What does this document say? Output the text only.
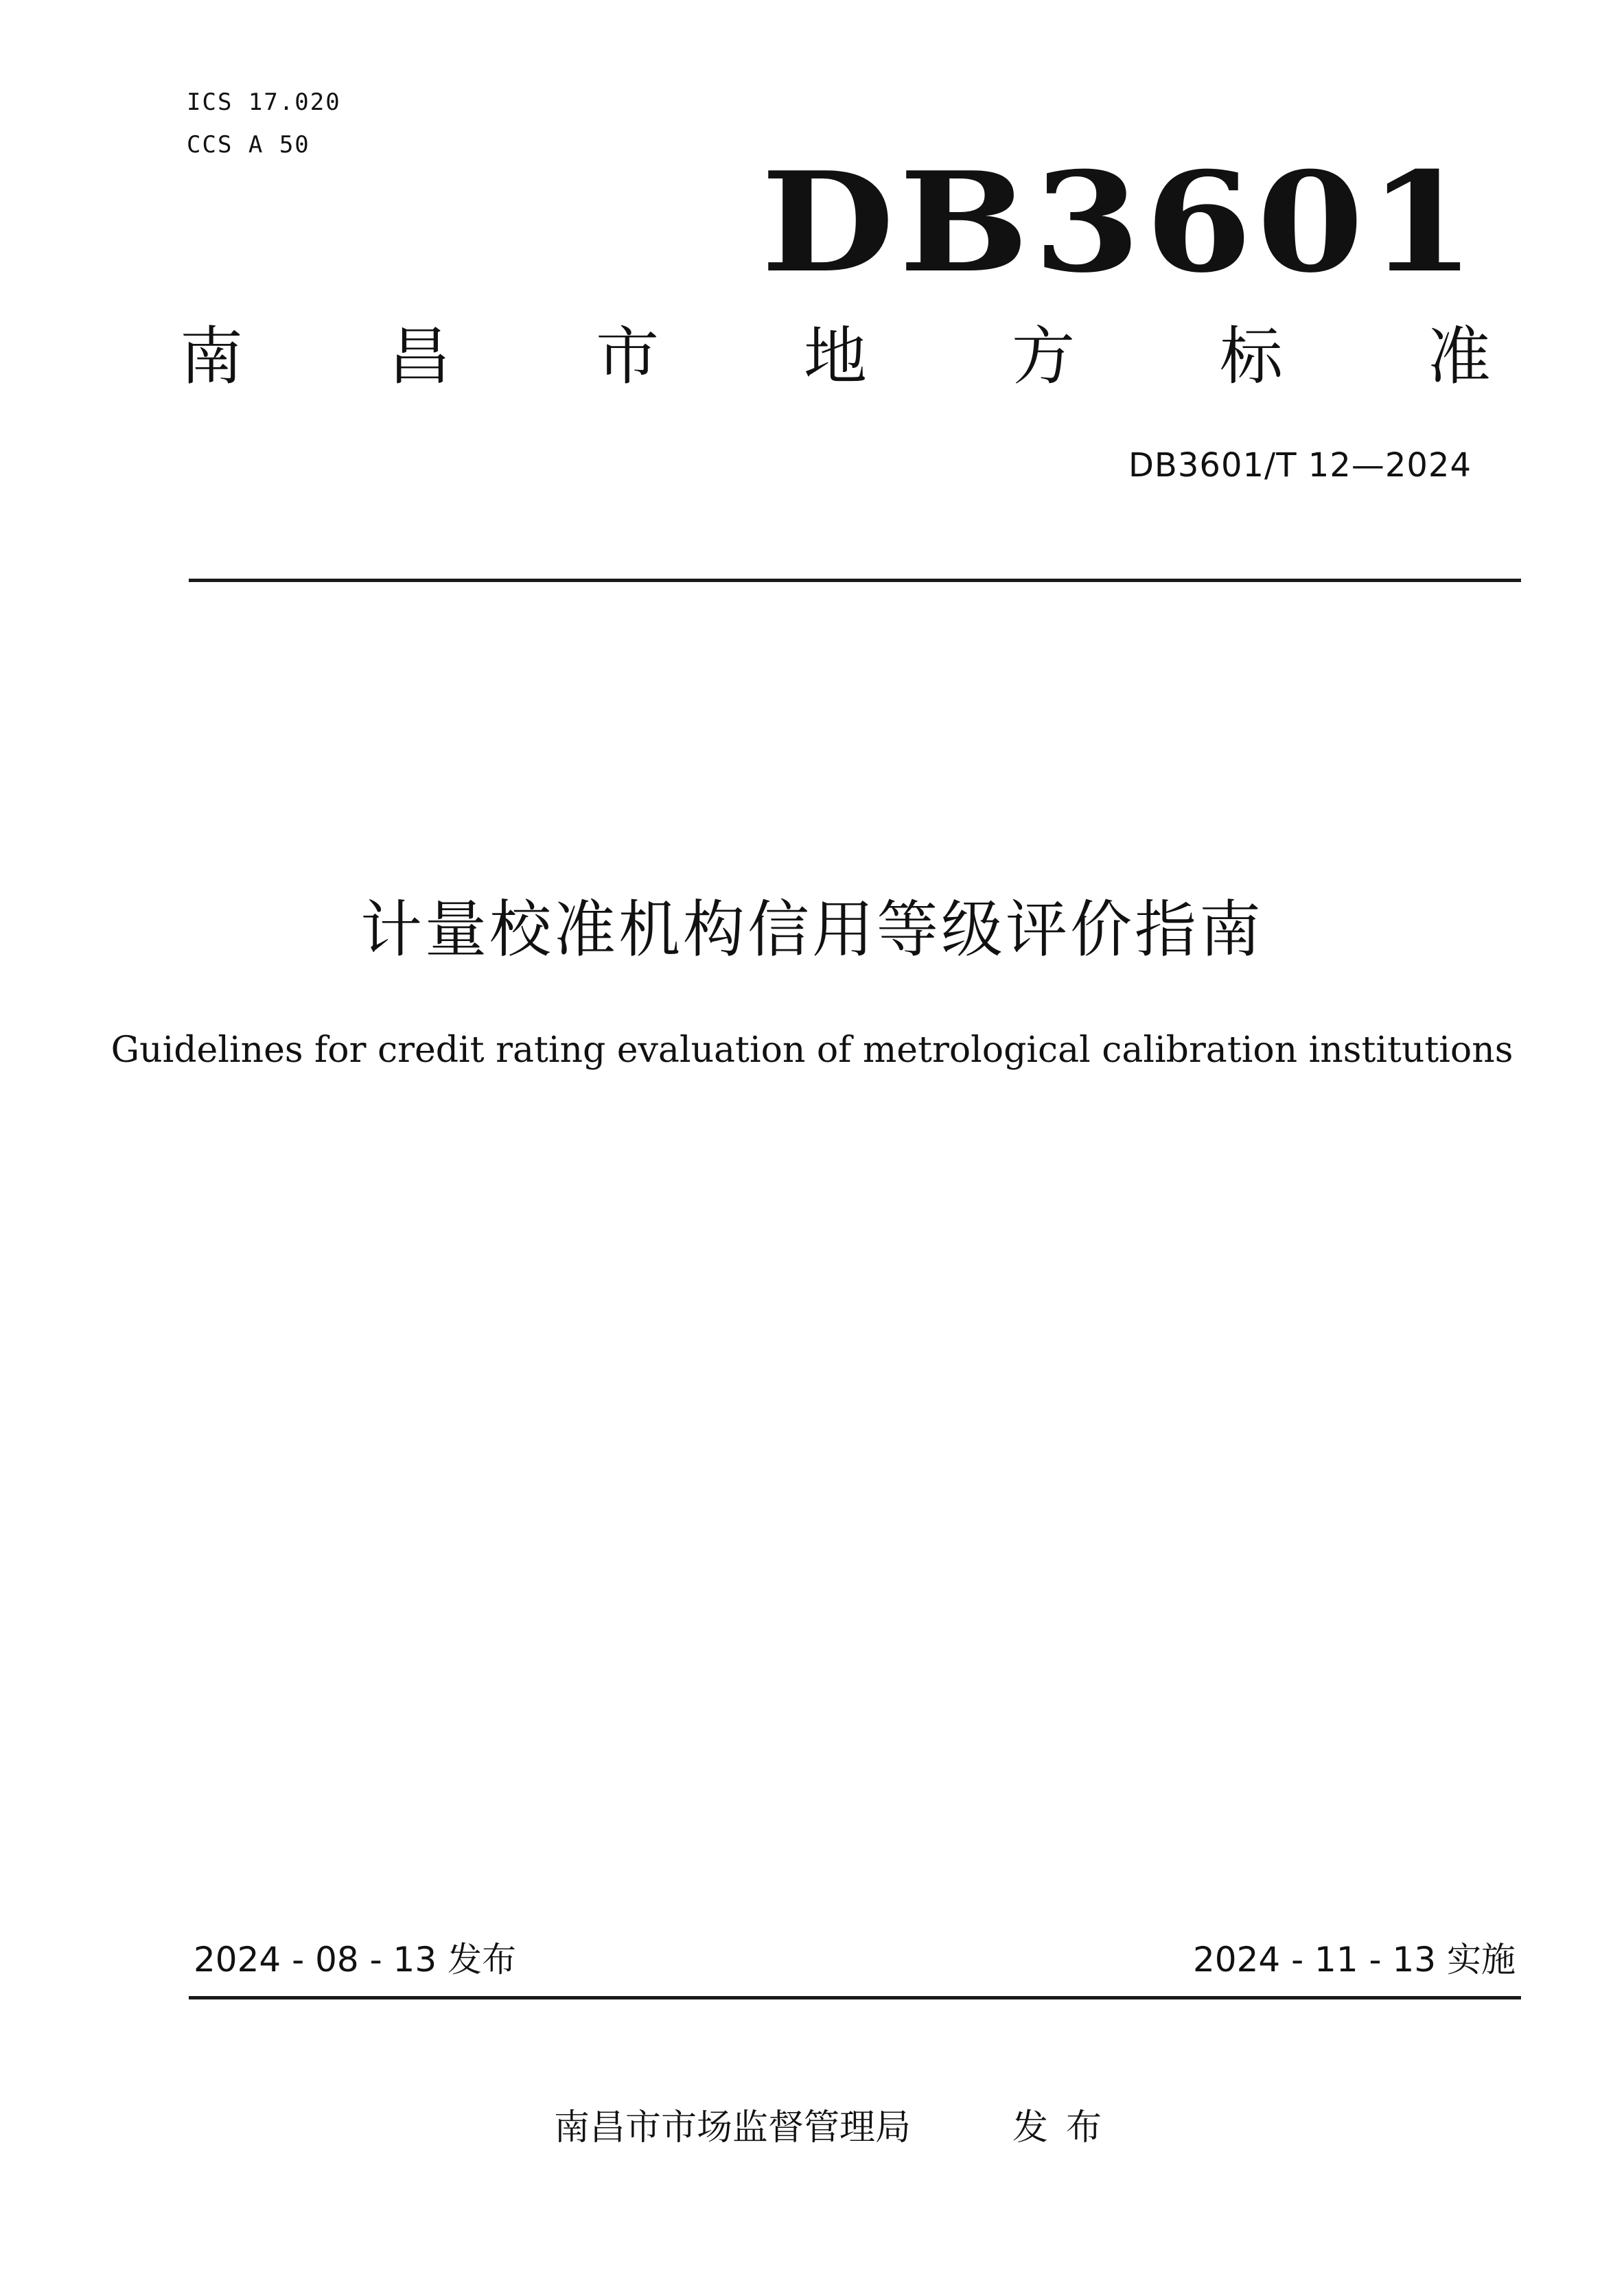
ICS 17.020
CCS A 50	DB3601
南 昌 市 地 方 标 准
DB3601/T 12—2024
计量校准机构信用等级评价指南
Guidelines for credit rating evaluation of metrological calibration institutions
2024 - 08 - 13 发布	2024 - 11 - 13 实施
南昌市市场监督管理局	发布
